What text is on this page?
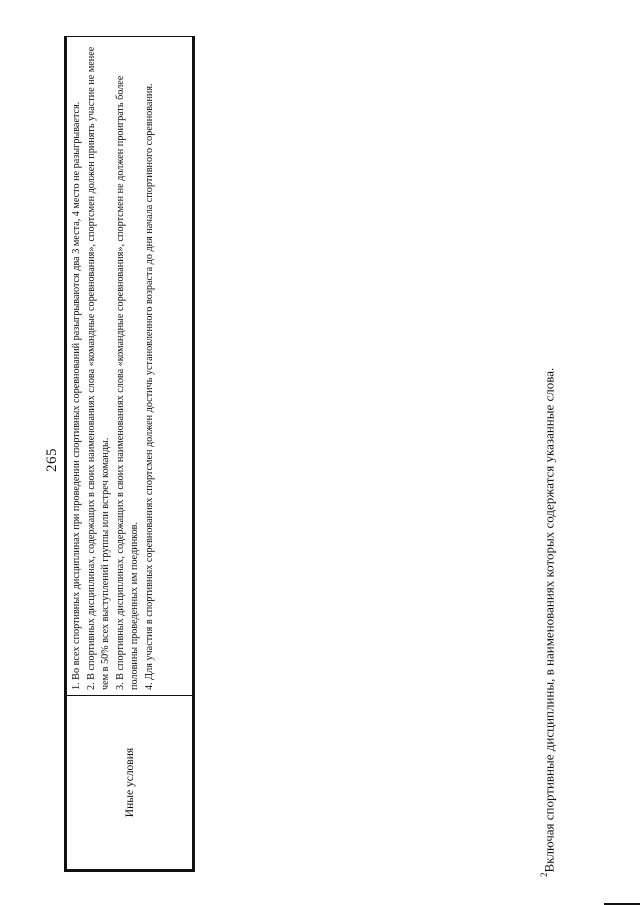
265
Иные условия	

1. Во всех спортивных дисциплинах при проведении спортивных соревнований разыгрываются два 3 места, 4 место не разыгрывается. 2. В спортивных дисциплинах, содержащих в своих наименованиях слова «командные соревнования», спортсмен должен принять участие не менее чем в 50% всех выступлений группы или встреч команды. 3. В спортивных дисциплинах, содержащих в своих наименованиях слова «командные соревнования», спортсмен не должен проиграть более половины проведенных им поединков. 4. Для участия в спортивных соревнованиях спортсмен должен достичь установленного возраста до дня начала спортивного соревнования.

$^2$Включая спортивные дисциплины, в наименованиях которых содержатся указанные слова.
